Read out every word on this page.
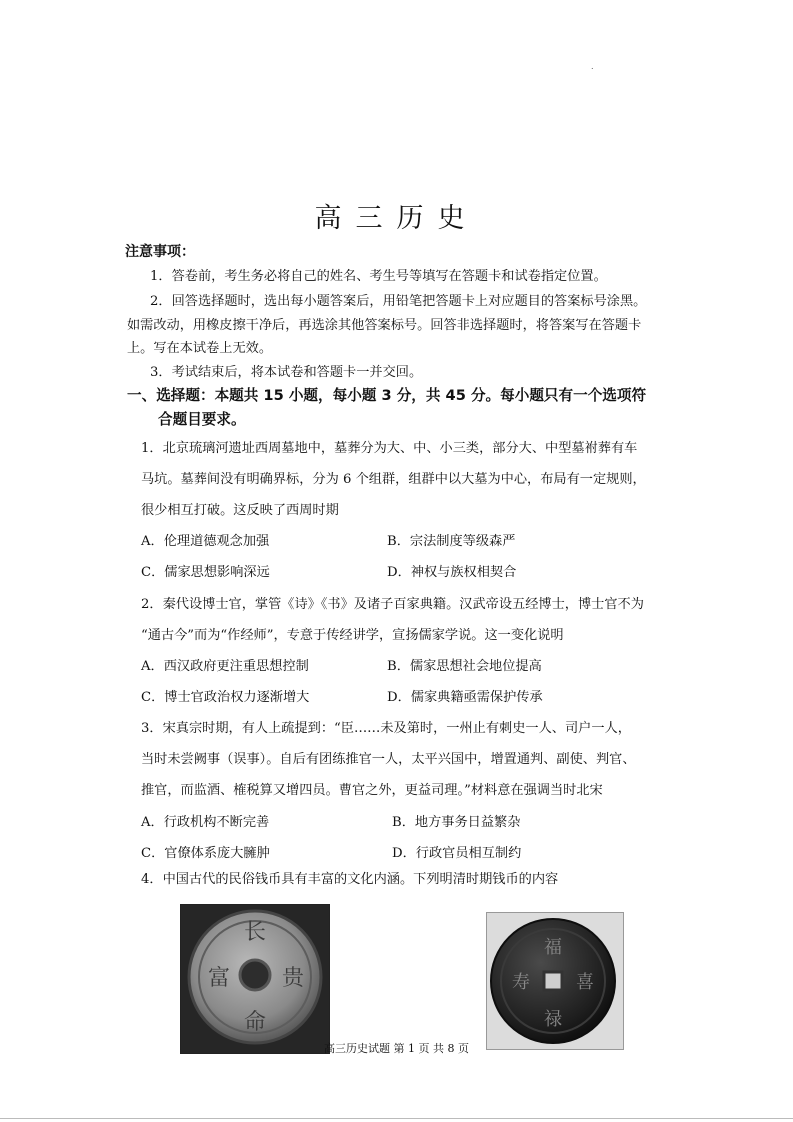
.
高三历史
注意事项：
1．答卷前，考生务必将自己的姓名、考生号等填写在答题卡和试卷指定位置。
2．回答选择题时，选出每小题答案后，用铅笔把答题卡上对应题目的答案标号涂黑。
如需改动，用橡皮擦干净后，再选涂其他答案标号。回答非选择题时，将答案写在答题卡
上。写在本试卷上无效。
3．考试结束后，将本试卷和答题卡一并交回。
一、选择题：本题共 15 小题，每小题 3 分，共 45 分。每小题只有一个选项符
合题目要求。
1．北京琉璃河遗址西周墓地中，墓葬分为大、中、小三类，部分大、中型墓祔葬有车
马坑。墓葬间没有明确界标，分为 6 个组群，组群中以大墓为中心，布局有一定规则，
很少相互打破。这反映了西周时期
A．伦理道德观念加强	B．宗法制度等级森严
C．儒家思想影响深远	D．神权与族权相契合
2．秦代设博士官，掌管《诗》《书》及诸子百家典籍。汉武帝设五经博士，博士官不为
“通古今”而为“作经师”，专意于传经讲学，宣扬儒家学说。这一变化说明
A．西汉政府更注重思想控制	B．儒家思想社会地位提高
C．博士官政治权力逐渐增大	D．儒家典籍亟需保护传承
3．宋真宗时期，有人上疏提到：“臣……未及第时，一州止有刺史一人、司户一人，
当时未尝阙事（误事）。自后有团练推官一人，太平兴国中，增置通判、副使、判官、
推官，而监酒、榷税算又增四员。曹官之外，更益司理。”材料意在强调当时北宋
A．行政机构不断完善	B．地方事务日益繁杂
C．官僚体系庞大臃肿	D．行政官员相互制约
4．中国古代的民俗钱币具有丰富的文化内涵。下列明清时期钱币的内容
长
命
富 贵
福
禄
寿	喜
高三历史试题 第 1 页 共 8 页
